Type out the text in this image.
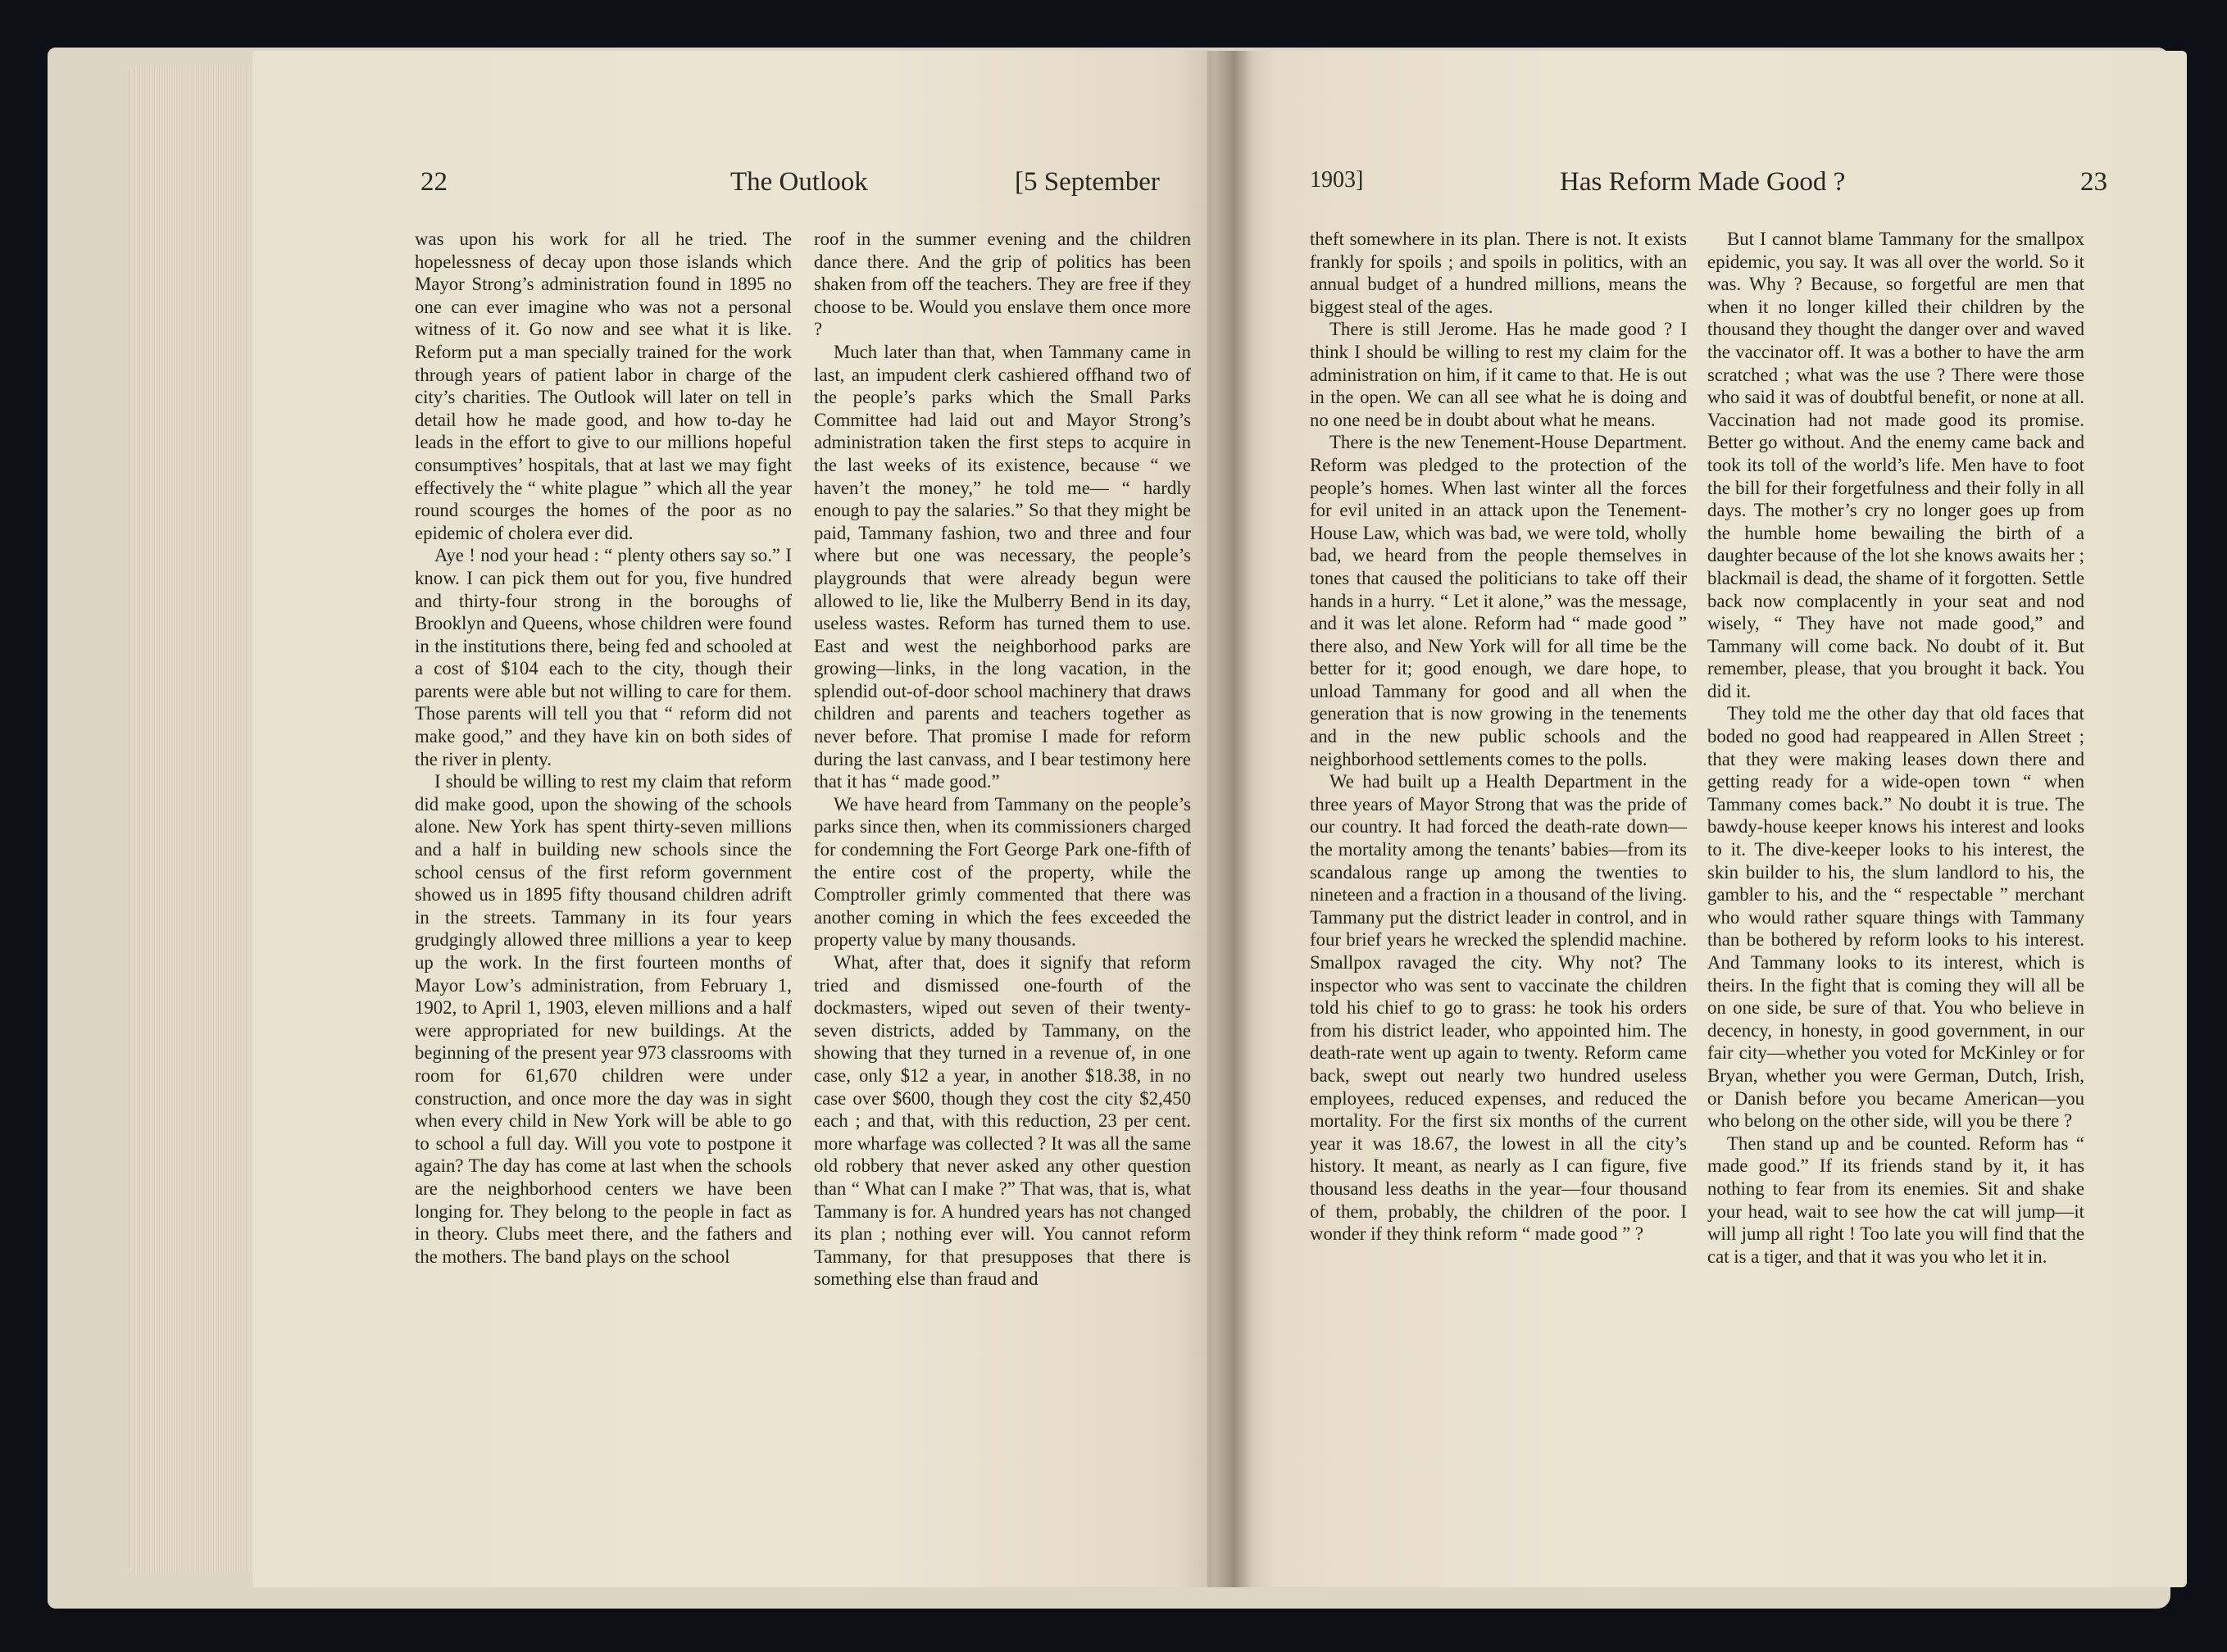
22	The Outlook	[5 September

was upon his work for all he tried. The hopelessness of decay upon those islands which Mayor Strong’s administration found in 1895 no one can ever imagine who was not a personal witness of it. Go now and see what it is like. Reform put a man specially trained for the work through years of patient labor in charge of the city’s charities. The Outlook will later on tell in detail how he made good, and how to-day he leads in the effort to give to our millions hopeful consumptives’ hospitals, that at last we may fight effectively the “ white plague ” which all the year round scourges the homes of the poor as no epidemic of cholera ever did.

Aye ! nod your head : “ plenty others say so.” I know. I can pick them out for you, five hundred and thirty-four strong in the boroughs of Brooklyn and Queens, whose children were found in the institutions there, being fed and schooled at a cost of $104 each to the city, though their parents were able but not willing to care for them. Those parents will tell you that “ reform did not make good,” and they have kin on both sides of the river in plenty.

I should be willing to rest my claim that reform did make good, upon the showing of the schools alone. New York has spent thirty-seven millions and a half in building new schools since the school census of the first reform government showed us in 1895 fifty thousand children adrift in the streets. Tammany in its four years grudgingly allowed three millions a year to keep up the work. In the first fourteen months of Mayor Low’s administration, from February 1, 1902, to April 1, 1903, eleven millions and a half were appropriated for new buildings. At the beginning of the present year 973 classrooms with room for 61,670 children were under construction, and once more the day was in sight when every child in New York will be able to go to school a full day. Will you vote to postpone it again? The day has come at last when the schools are the neighborhood centers we have been longing for. They belong to the people in fact as in theory. Clubs meet there, and the fathers and the mothers. The band plays on the school

roof in the summer evening and the children dance there. And the grip of politics has been shaken from off the teachers. They are free if they choose to be. Would you enslave them once more ?

Much later than that, when Tammany came in last, an impudent clerk cashiered offhand two of the people’s parks which the Small Parks Committee had laid out and Mayor Strong’s administration taken the first steps to acquire in the last weeks of its existence, because “ we haven’t the money,” he told me— “ hardly enough to pay the salaries.” So that they might be paid, Tammany fashion, two and three and four where but one was necessary, the people’s playgrounds that were already begun were allowed to lie, like the Mulberry Bend in its day, useless wastes. Reform has turned them to use. East and west the neighborhood parks are growing—links, in the long vacation, in the splendid out-of-door school machinery that draws children and parents and teachers together as never before. That promise I made for reform during the last canvass, and I bear testimony here that it has “ made good.”

We have heard from Tammany on the people’s parks since then, when its commissioners charged for condemning the Fort George Park one-fifth of the entire cost of the property, while the Comptroller grimly commented that there was another coming in which the fees exceeded the property value by many thousands.

What, after that, does it signify that reform tried and dismissed one-fourth of the dockmasters, wiped out seven of their twenty-seven districts, added by Tammany, on the showing that they turned in a revenue of, in one case, only $12 a year, in another $18.38, in no case over $600, though they cost the city $2,450 each ; and that, with this reduction, 23 per cent. more wharfage was collected ? It was all the same old robbery that never asked any other question than “ What can I make ?” That was, that is, what Tammany is for. A hundred years has not changed its plan ; nothing ever will. You cannot reform Tammany, for that presupposes that there is something else than fraud and

1903]	Has Reform Made Good ?	23

theft somewhere in its plan. There is not. It exists frankly for spoils ; and spoils in politics, with an annual budget of a hundred millions, means the biggest steal of the ages.

There is still Jerome. Has he made good ? I think I should be willing to rest my claim for the administration on him, if it came to that. He is out in the open. We can all see what he is doing and no one need be in doubt about what he means.

There is the new Tenement-House Department. Reform was pledged to the protection of the people’s homes. When last winter all the forces for evil united in an attack upon the Tenement-House Law, which was bad, we were told, wholly bad, we heard from the people themselves in tones that caused the politicians to take off their hands in a hurry. “ Let it alone,” was the message, and it was let alone. Reform had “ made good ” there also, and New York will for all time be the better for it; good enough, we dare hope, to unload Tammany for good and all when the generation that is now growing in the tenements and in the new public schools and the neighborhood settlements comes to the polls.

We had built up a Health Department in the three years of Mayor Strong that was the pride of our country. It had forced the death-rate down—the mortality among the tenants’ babies—from its scandalous range up among the twenties to nineteen and a fraction in a thousand of the living. Tammany put the district leader in control, and in four brief years he wrecked the splendid machine. Smallpox ravaged the city. Why not? The inspector who was sent to vaccinate the children told his chief to go to grass: he took his orders from his district leader, who appointed him. The death-rate went up again to twenty. Reform came back, swept out nearly two hundred useless employees, reduced expenses, and reduced the mortality. For the first six months of the current year it was 18.67, the lowest in all the city’s history. It meant, as nearly as I can figure, five thousand less deaths in the year—four thousand of them, probably, the children of the poor. I wonder if they think reform “ made good ” ?

But I cannot blame Tammany for the smallpox epidemic, you say. It was all over the world. So it was. Why ? Because, so forgetful are men that when it no longer killed their children by the thousand they thought the danger over and waved the vaccinator off. It was a bother to have the arm scratched ; what was the use ? There were those who said it was of doubtful benefit, or none at all. Vaccination had not made good its promise. Better go without. And the enemy came back and took its toll of the world’s life. Men have to foot the bill for their forgetfulness and their folly in all days. The mother’s cry no longer goes up from the humble home bewailing the birth of a daughter because of the lot she knows awaits her ; blackmail is dead, the shame of it forgotten. Settle back now complacently in your seat and nod wisely, “ They have not made good,” and Tammany will come back. No doubt of it. But remember, please, that you brought it back. You did it.

They told me the other day that old faces that boded no good had reappeared in Allen Street ; that they were making leases down there and getting ready for a wide-open town “ when Tammany comes back.” No doubt it is true. The bawdy-house keeper knows his interest and looks to it. The dive-keeper looks to his interest, the skin builder to his, the slum landlord to his, the gambler to his, and the “ respectable ” merchant who would rather square things with Tammany than be bothered by reform looks to his interest. And Tammany looks to its interest, which is theirs. In the fight that is coming they will all be on one side, be sure of that. You who believe in decency, in honesty, in good government, in our fair city—whether you voted for McKinley or for Bryan, whether you were German, Dutch, Irish, or Danish before you became American—you who belong on the other side, will you be there ?

Then stand up and be counted. Reform has “ made good.” If its friends stand by it, it has nothing to fear from its enemies. Sit and shake your head, wait to see how the cat will jump—it will jump all right ! Too late you will find that the cat is a tiger, and that it was you who let it in.
